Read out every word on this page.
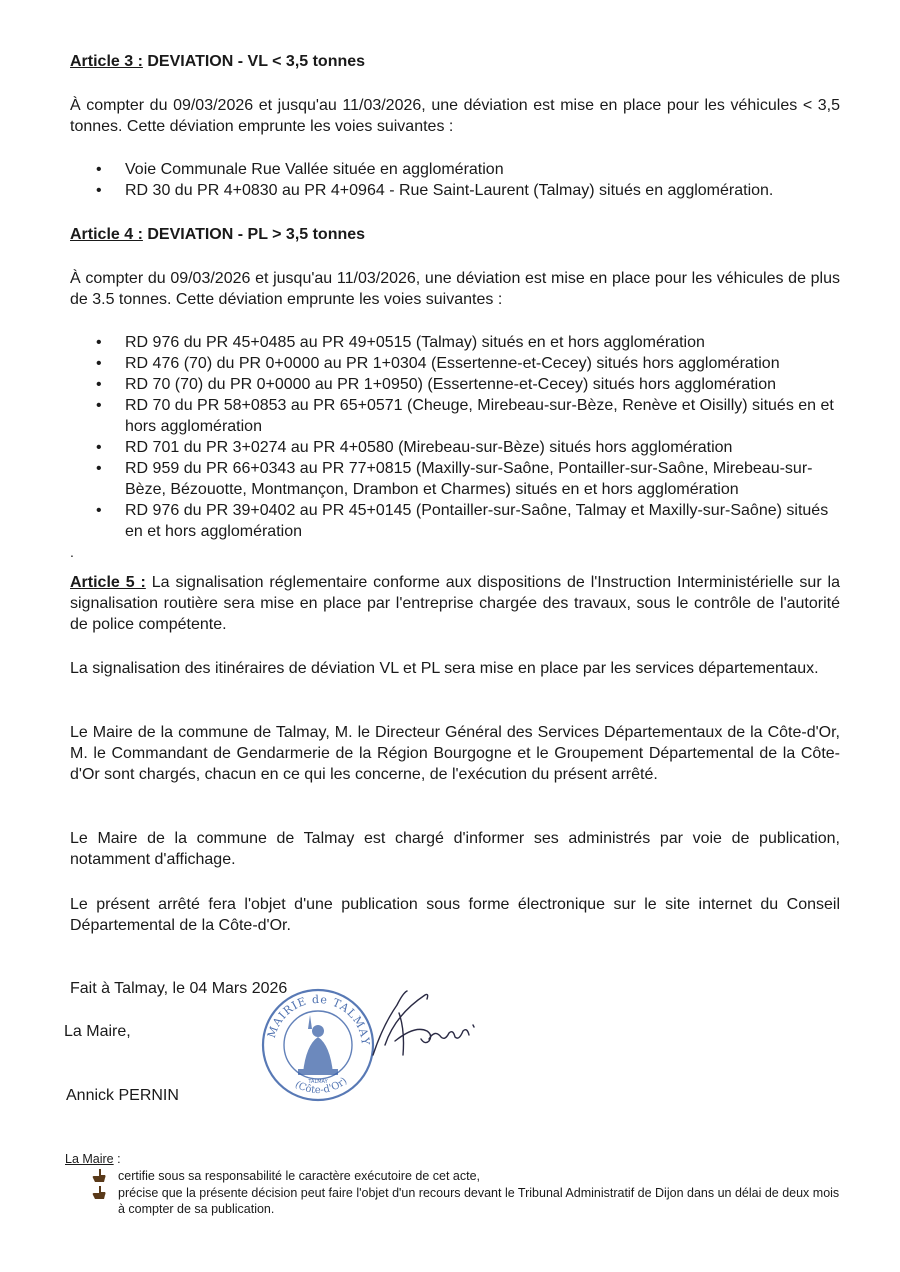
Article 3 : DEVIATION - VL < 3,5 tonnes
À compter du 09/03/2026 et jusqu'au 11/03/2026, une déviation est mise en place pour les véhicules < 3,5 tonnes. Cette déviation emprunte les voies suivantes :
• Voie Communale Rue Vallée située en agglomération
• RD 30 du PR 4+0830 au PR 4+0964 - Rue Saint-Laurent (Talmay) situés en agglomération.
Article 4 : DEVIATION - PL > 3,5 tonnes
À compter du 09/03/2026 et jusqu'au 11/03/2026, une déviation est mise en place pour les véhicules de plus de 3.5 tonnes. Cette déviation emprunte les voies suivantes :
• RD 976 du PR 45+0485 au PR 49+0515 (Talmay) situés en et hors agglomération
• RD 476 (70) du PR 0+0000 au PR 1+0304 (Essertenne-et-Cecey) situés hors agglomération
• RD 70 (70) du PR 0+0000 au PR 1+0950) (Essertenne-et-Cecey) situés hors agglomération
• RD 70 du PR 58+0853 au PR 65+0571 (Cheuge, Mirebeau-sur-Bèze, Renève et Oisilly) situés en et hors agglomération
• RD 701 du PR 3+0274 au PR 4+0580 (Mirebeau-sur-Bèze) situés hors agglomération
• RD 959 du PR 66+0343 au PR 77+0815 (Maxilly-sur-Saône, Pontailler-sur-Saône, Mirebeau-sur-Bèze, Bézouotte, Montmançon, Drambon et Charmes) situés en et hors agglomération
• RD 976 du PR 39+0402 au PR 45+0145 (Pontailler-sur-Saône, Talmay et Maxilly-sur-Saône) situés en et hors agglomération
.
Article 5 : La signalisation réglementaire conforme aux dispositions de l'Instruction Interministérielle sur la signalisation routière sera mise en place par l'entreprise chargée des travaux, sous le contrôle de l'autorité de police compétente.
La signalisation des itinéraires de déviation VL et PL sera mise en place par les services départementaux.
Le Maire de la commune de Talmay, M. le Directeur Général des Services Départementaux de la Côte-d'Or, M. le Commandant de Gendarmerie de la Région Bourgogne et le Groupement Départemental de la Côte-d'Or sont chargés, chacun en ce qui les concerne, de l'exécution du présent arrêté.
Le Maire de la commune de Talmay est chargé d'informer ses administrés par voie de publication, notamment d'affichage.
Le présent arrêté fera l'objet d'une publication sous forme électronique sur le site internet du Conseil Départemental de la Côte-d'Or.
Fait à Talmay, le 04 Mars 2026
La Maire,
Annick PERNIN
MAIRIE de TALMAY
(Côte-d'Or)
TALMAY
La Maire :
certifie sous sa responsabilité le caractère exécutoire de cet acte,
précise que la présente décision peut faire l'objet d'un recours devant le Tribunal Administratif de Dijon dans un délai de deux mois à compter de sa publication.
